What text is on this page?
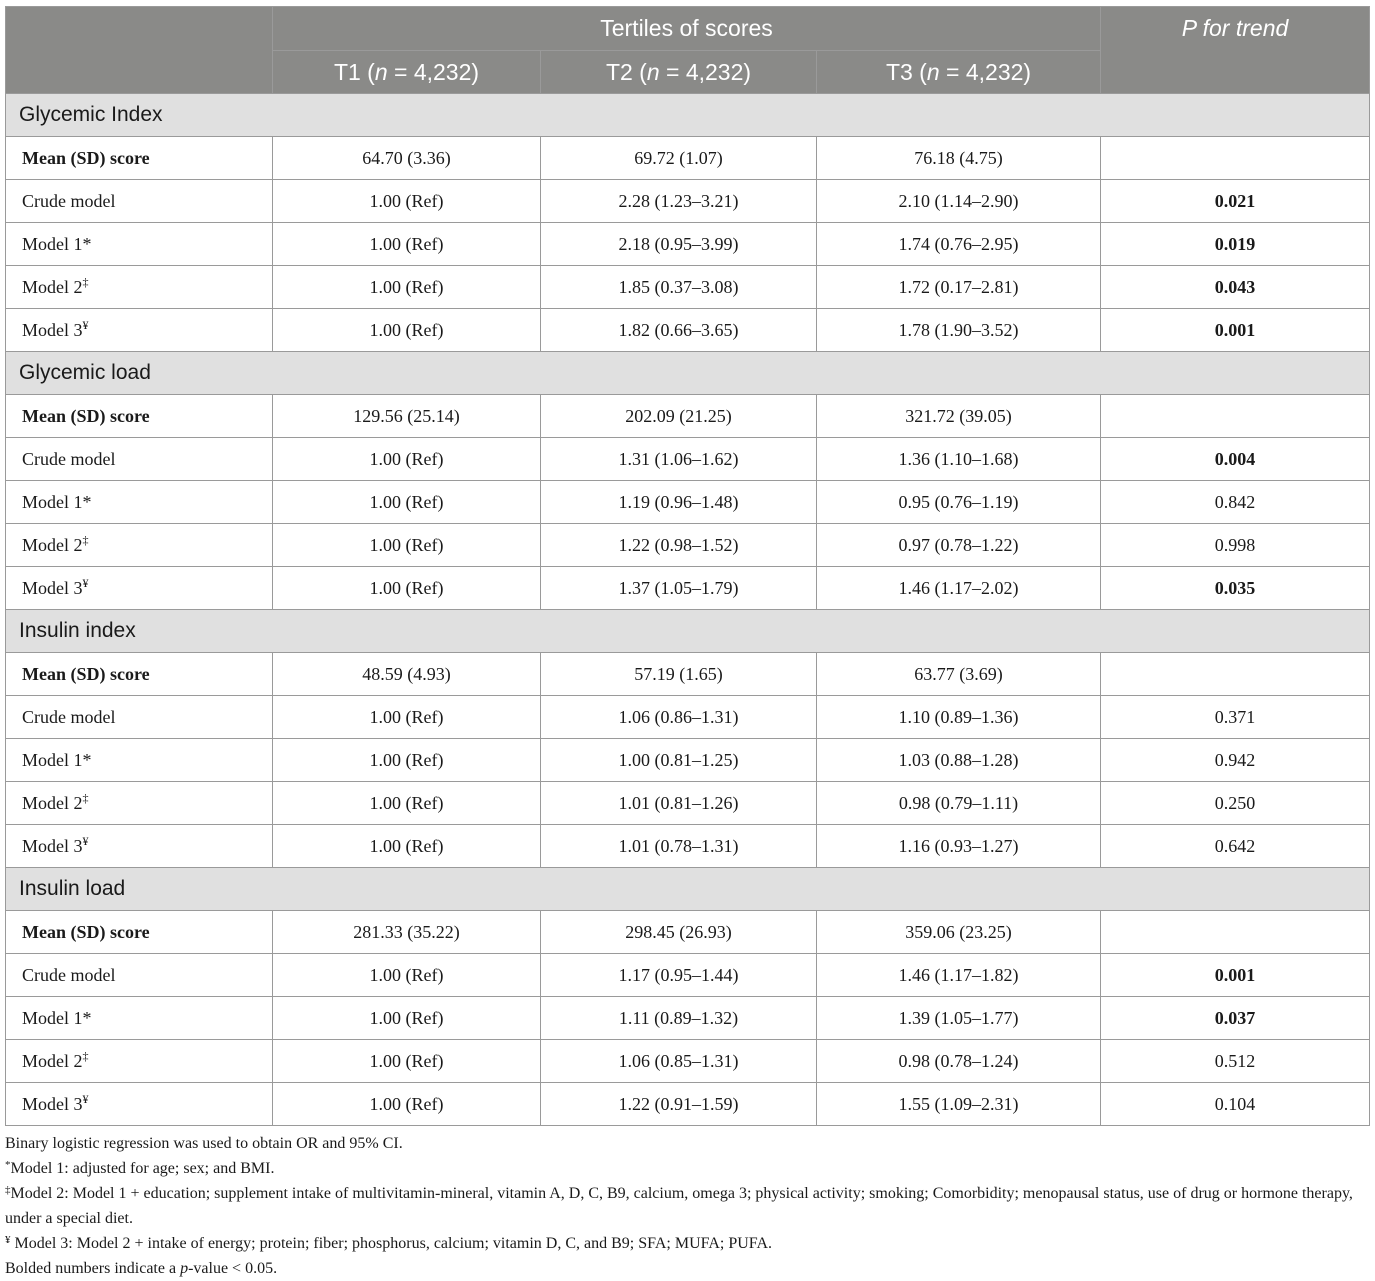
	Tertiles of scores			P for trend
	T1 (n = 4,232)	T2 (n = 4,232)	T3 (n = 4,232)	
Glycemic Index				
Mean (SD) score	64.70 (3.36)	69.72 (1.07)	76.18 (4.75)	
Crude model	1.00 (Ref)	2.28 (1.23–3.21)	2.10 (1.14–2.90)	0.021
Model 1*	1.00 (Ref)	2.18 (0.95–3.99)	1.74 (0.76–2.95)	0.019
Model 2‡	1.00 (Ref)	1.85 (0.37–3.08)	1.72 (0.17–2.81)	0.043
Model 3¥	1.00 (Ref)	1.82 (0.66–3.65)	1.78 (1.90–3.52)	0.001
Glycemic load				
Mean (SD) score	129.56 (25.14)	202.09 (21.25)	321.72 (39.05)	
Crude model	1.00 (Ref)	1.31 (1.06–1.62)	1.36 (1.10–1.68)	0.004
Model 1*	1.00 (Ref)	1.19 (0.96–1.48)	0.95 (0.76–1.19)	0.842
Model 2‡	1.00 (Ref)	1.22 (0.98–1.52)	0.97 (0.78–1.22)	0.998
Model 3¥	1.00 (Ref)	1.37 (1.05–1.79)	1.46 (1.17–2.02)	0.035
Insulin index				
Mean (SD) score	48.59 (4.93)	57.19 (1.65)	63.77 (3.69)	
Crude model	1.00 (Ref)	1.06 (0.86–1.31)	1.10 (0.89–1.36)	0.371
Model 1*	1.00 (Ref)	1.00 (0.81–1.25)	1.03 (0.88–1.28)	0.942
Model 2‡	1.00 (Ref)	1.01 (0.81–1.26)	0.98 (0.79–1.11)	0.250
Model 3¥	1.00 (Ref)	1.01 (0.78–1.31)	1.16 (0.93–1.27)	0.642
Insulin load				
Mean (SD) score	281.33 (35.22)	298.45 (26.93)	359.06 (23.25)	
Crude model	1.00 (Ref)	1.17 (0.95–1.44)	1.46 (1.17–1.82)	0.001
Model 1*	1.00 (Ref)	1.11 (0.89–1.32)	1.39 (1.05–1.77)	0.037
Model 2‡	1.00 (Ref)	1.06 (0.85–1.31)	0.98 (0.78–1.24)	0.512
Model 3¥	1.00 (Ref)	1.22 (0.91–1.59)	1.55 (1.09–2.31)	0.104

Binary logistic regression was used to obtain OR and 95% CI.

*Model 1: adjusted for age; sex; and BMI.

‡Model 2: Model 1 + education; supplement intake of multivitamin-mineral, vitamin A, D, C, B9, calcium, omega 3; physical activity; smoking; Comorbidity; menopausal status, use of drug or hormone therapy, under a special diet.

¥ Model 3: Model 2 + intake of energy; protein; fiber; phosphorus, calcium; vitamin D, C, and B9; SFA; MUFA; PUFA.

Bolded numbers indicate a p-value < 0.05.
